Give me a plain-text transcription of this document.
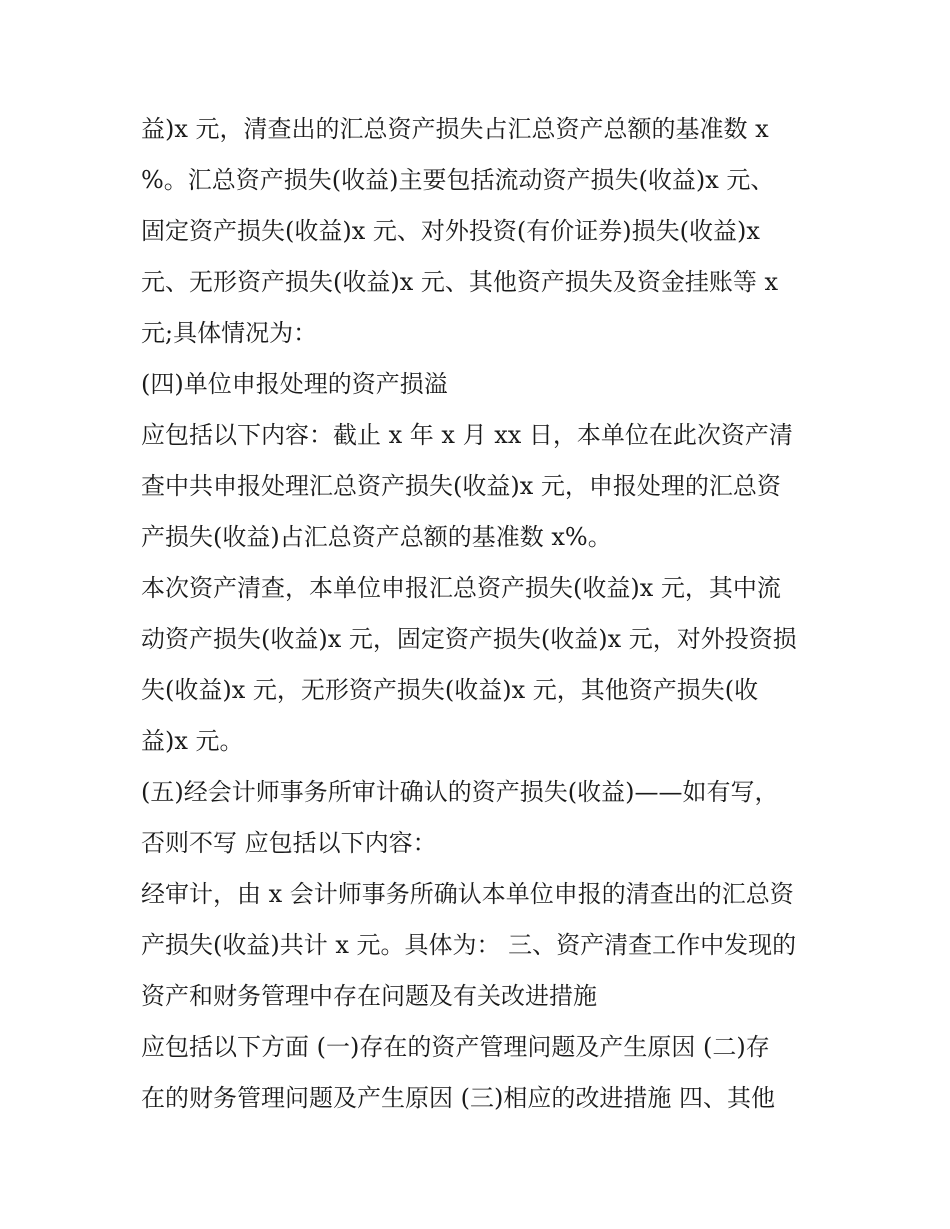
益)x 元，清查出的汇总资产损失占汇总资产总额的基准数 x
%。汇总资产损失(收益)主要包括流动资产损失(收益)x 元、
固定资产损失(收益)x 元、对外投资(有价证券)损失(收益)x
元、无形资产损失(收益)x 元、其他资产损失及资金挂账等 x
元;具体情况为：
(四)单位申报处理的资产损溢
应包括以下内容：截止 x 年 x 月 xx 日，本单位在此次资产清
查中共申报处理汇总资产损失(收益)x 元，申报处理的汇总资
产损失(收益)占汇总资产总额的基准数 x%。
本次资产清查，本单位申报汇总资产损失(收益)x 元，其中流
动资产损失(收益)x 元，固定资产损失(收益)x 元，对外投资损
失(收益)x 元，无形资产损失(收益)x 元，其他资产损失(收
益)x 元。
(五)经会计师事务所审计确认的资产损失(收益)——如有写，
否则不写 应包括以下内容：
经审计，由 x 会计师事务所确认本单位申报的清查出的汇总资
产损失(收益)共计 x 元。具体为： 三、资产清查工作中发现的
资产和财务管理中存在问题及有关改进措施
应包括以下方面 (一)存在的资产管理问题及产生原因 (二)存
在的财务管理问题及产生原因 (三)相应的改进措施 四、其他
